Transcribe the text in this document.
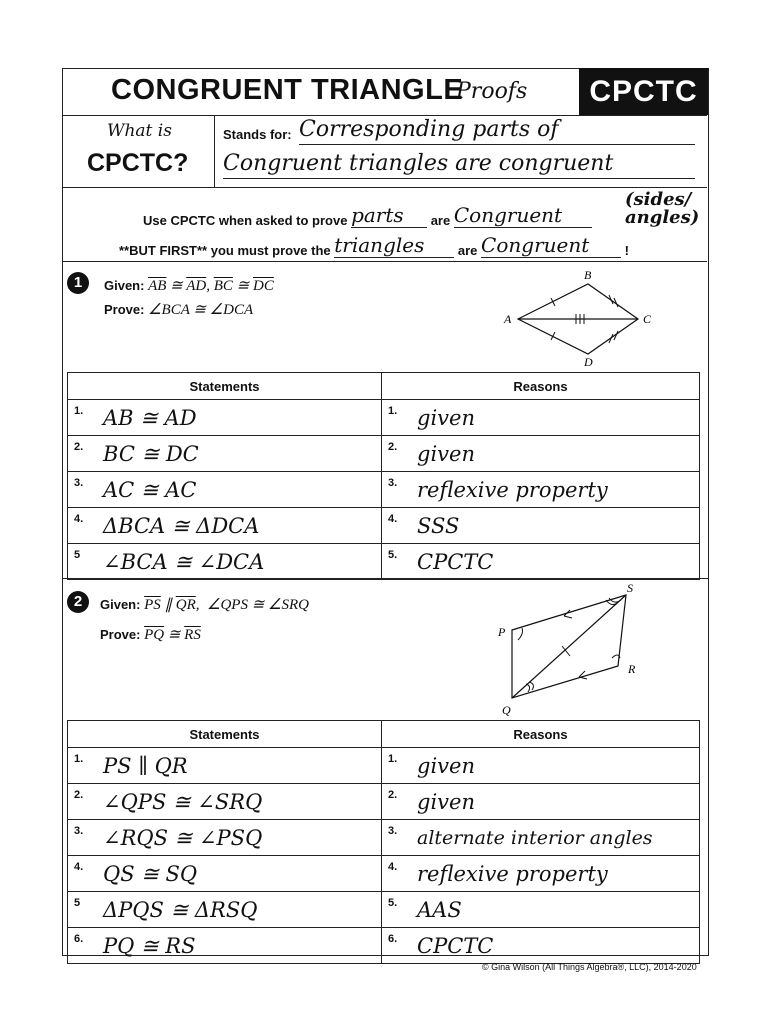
CONGRUENT TRIANGLE
Proofs	CPCTC
What is
CPCTC?
Stands for: Corresponding parts of
Congruent triangles are congruent
Use CPCTC when asked to prove parts are Congruent
(sides/ angles)
**BUT FIRST** you must prove the triangles	are Congruent	!
1	Given: $\overline{AB}$ ≅ $\overline{AD}$, $\overline{BC}$ ≅ $\overline{DC}$
Prove: ∠BCA ≅ ∠DCA
A
B
C
D
Statements	Reasons

1. AB ≅ AD	1. given

2. BC ≅ DC	2. given

3. AC ≅ AC	3. reflexive property

4. ΔBCA ≅ ΔDCA	4. SSS

5 ∠BCA ≅ ∠DCA	5. CPCTC
2	Given: $\overline{PS}$ ∥ $\overline{QR}$,  ∠QPS ≅ ∠SRQ
Prove: $\overline{PQ}$ ≅ $\overline{RS}$	P
Q
R
S
Statements	Reasons

1. PS ∥ QR	1. given

2. ∠QPS ≅ ∠SRQ	2. given

3. ∠RQS ≅ ∠PSQ	3. alternate interior angles

4. QS ≅ SQ	4. reflexive property

5 ΔPQS ≅ ΔRSQ	5. AAS

6. PQ ≅ RS	6. CPCTC
© Gina Wilson (All Things Algebra®, LLC), 2014-2020
